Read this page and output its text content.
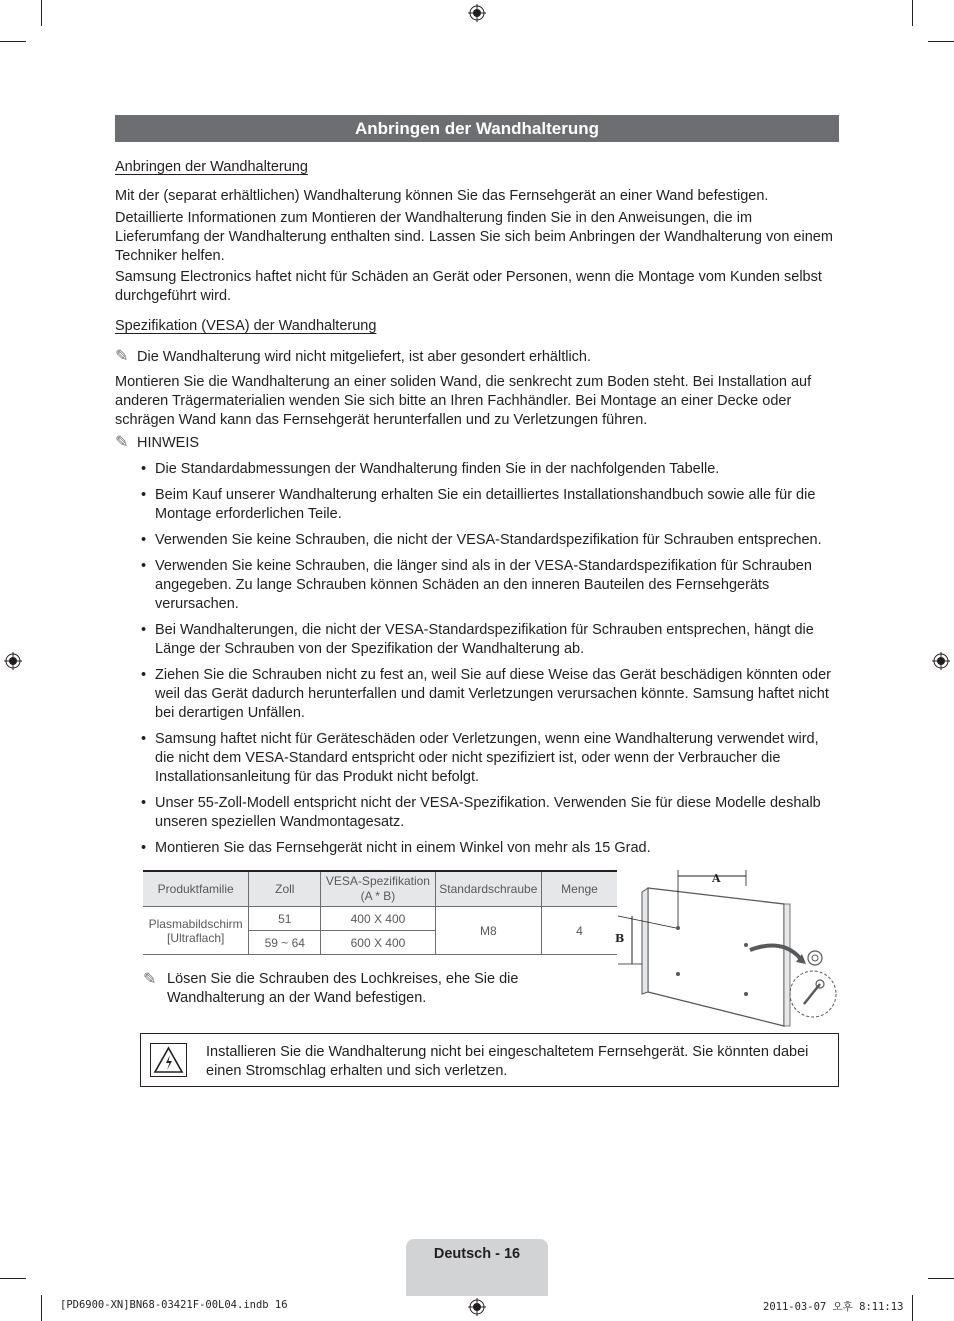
Anbringen der Wandhalterung
Anbringen der Wandhalterung
Mit der (separat erhältlichen) Wandhalterung können Sie das Fernsehgerät an einer Wand befestigen.
Detaillierte Informationen zum Montieren der Wandhalterung finden Sie in den Anweisungen, die im Lieferumfang der Wandhalterung enthalten sind. Lassen Sie sich beim Anbringen der Wandhalterung von einem Techniker helfen.
Samsung Electronics haftet nicht für Schäden an Gerät oder Personen, wenn die Montage vom Kunden selbst durchgeführt wird.
Spezifikation (VESA) der Wandhalterung
✎ Die Wandhalterung wird nicht mitgeliefert, ist aber gesondert erhältlich.
Montieren Sie die Wandhalterung an einer soliden Wand, die senkrecht zum Boden steht. Bei Installation auf anderen Trägermaterialien wenden Sie sich bitte an Ihren Fachhändler. Bei Montage an einer Decke oder schrägen Wand kann das Fernsehgerät herunterfallen und zu Verletzungen führen.
✎ HINWEIS
• Die Standardabmessungen der Wandhalterung finden Sie in der nachfolgenden Tabelle.
• Beim Kauf unserer Wandhalterung erhalten Sie ein detailliertes Installationshandbuch sowie alle für die Montage erforderlichen Teile.
• Verwenden Sie keine Schrauben, die nicht der VESA-Standardspezifikation für Schrauben entsprechen.
• Verwenden Sie keine Schrauben, die länger sind als in der VESA-Standardspezifikation für Schrauben angegeben. Zu lange Schrauben können Schäden an den inneren Bauteilen des Fernsehgeräts verursachen.
• Bei Wandhalterungen, die nicht der VESA-Standardspezifikation für Schrauben entsprechen, hängt die Länge der Schrauben von der Spezifikation der Wandhalterung ab.
• Ziehen Sie die Schrauben nicht zu fest an, weil Sie auf diese Weise das Gerät beschädigen könnten oder weil das Gerät dadurch herunterfallen und damit Verletzungen verursachen könnte. Samsung haftet nicht bei derartigen Unfällen.
• Samsung haftet nicht für Geräteschäden oder Verletzungen, wenn eine Wandhalterung verwendet wird, die nicht dem VESA-Standard entspricht oder nicht spezifiziert ist, oder wenn der Verbraucher die Installationsanleitung für das Produkt nicht befolgt.
• Unser 55-Zoll-Modell entspricht nicht der VESA-Spezifikation. Verwenden Sie für diese Modelle deshalb unseren speziellen Wandmontagesatz.
• Montieren Sie das Fernsehgerät nicht in einem Winkel von mehr als 15 Grad.
Produktfamilie	Zoll	VESA-Spezifikation (A * B)	Standardschraube	Menge
Plasmabildschirm [Ultraflach]	51	400 X 400	M8	4
	59 ~ 64	600 X 400		
A
B
✎ Lösen Sie die Schrauben des Lochkreises, ehe Sie die Wandhalterung an der Wand befestigen.
Installieren Sie die Wandhalterung nicht bei eingeschaltetem Fernsehgerät. Sie könnten dabei einen Stromschlag erhalten und sich verletzen.
Deutsch - 16
[PD6900-XN]BN68-03421F-00L04.indb 16	2011-03-07 오후 8:11:13
